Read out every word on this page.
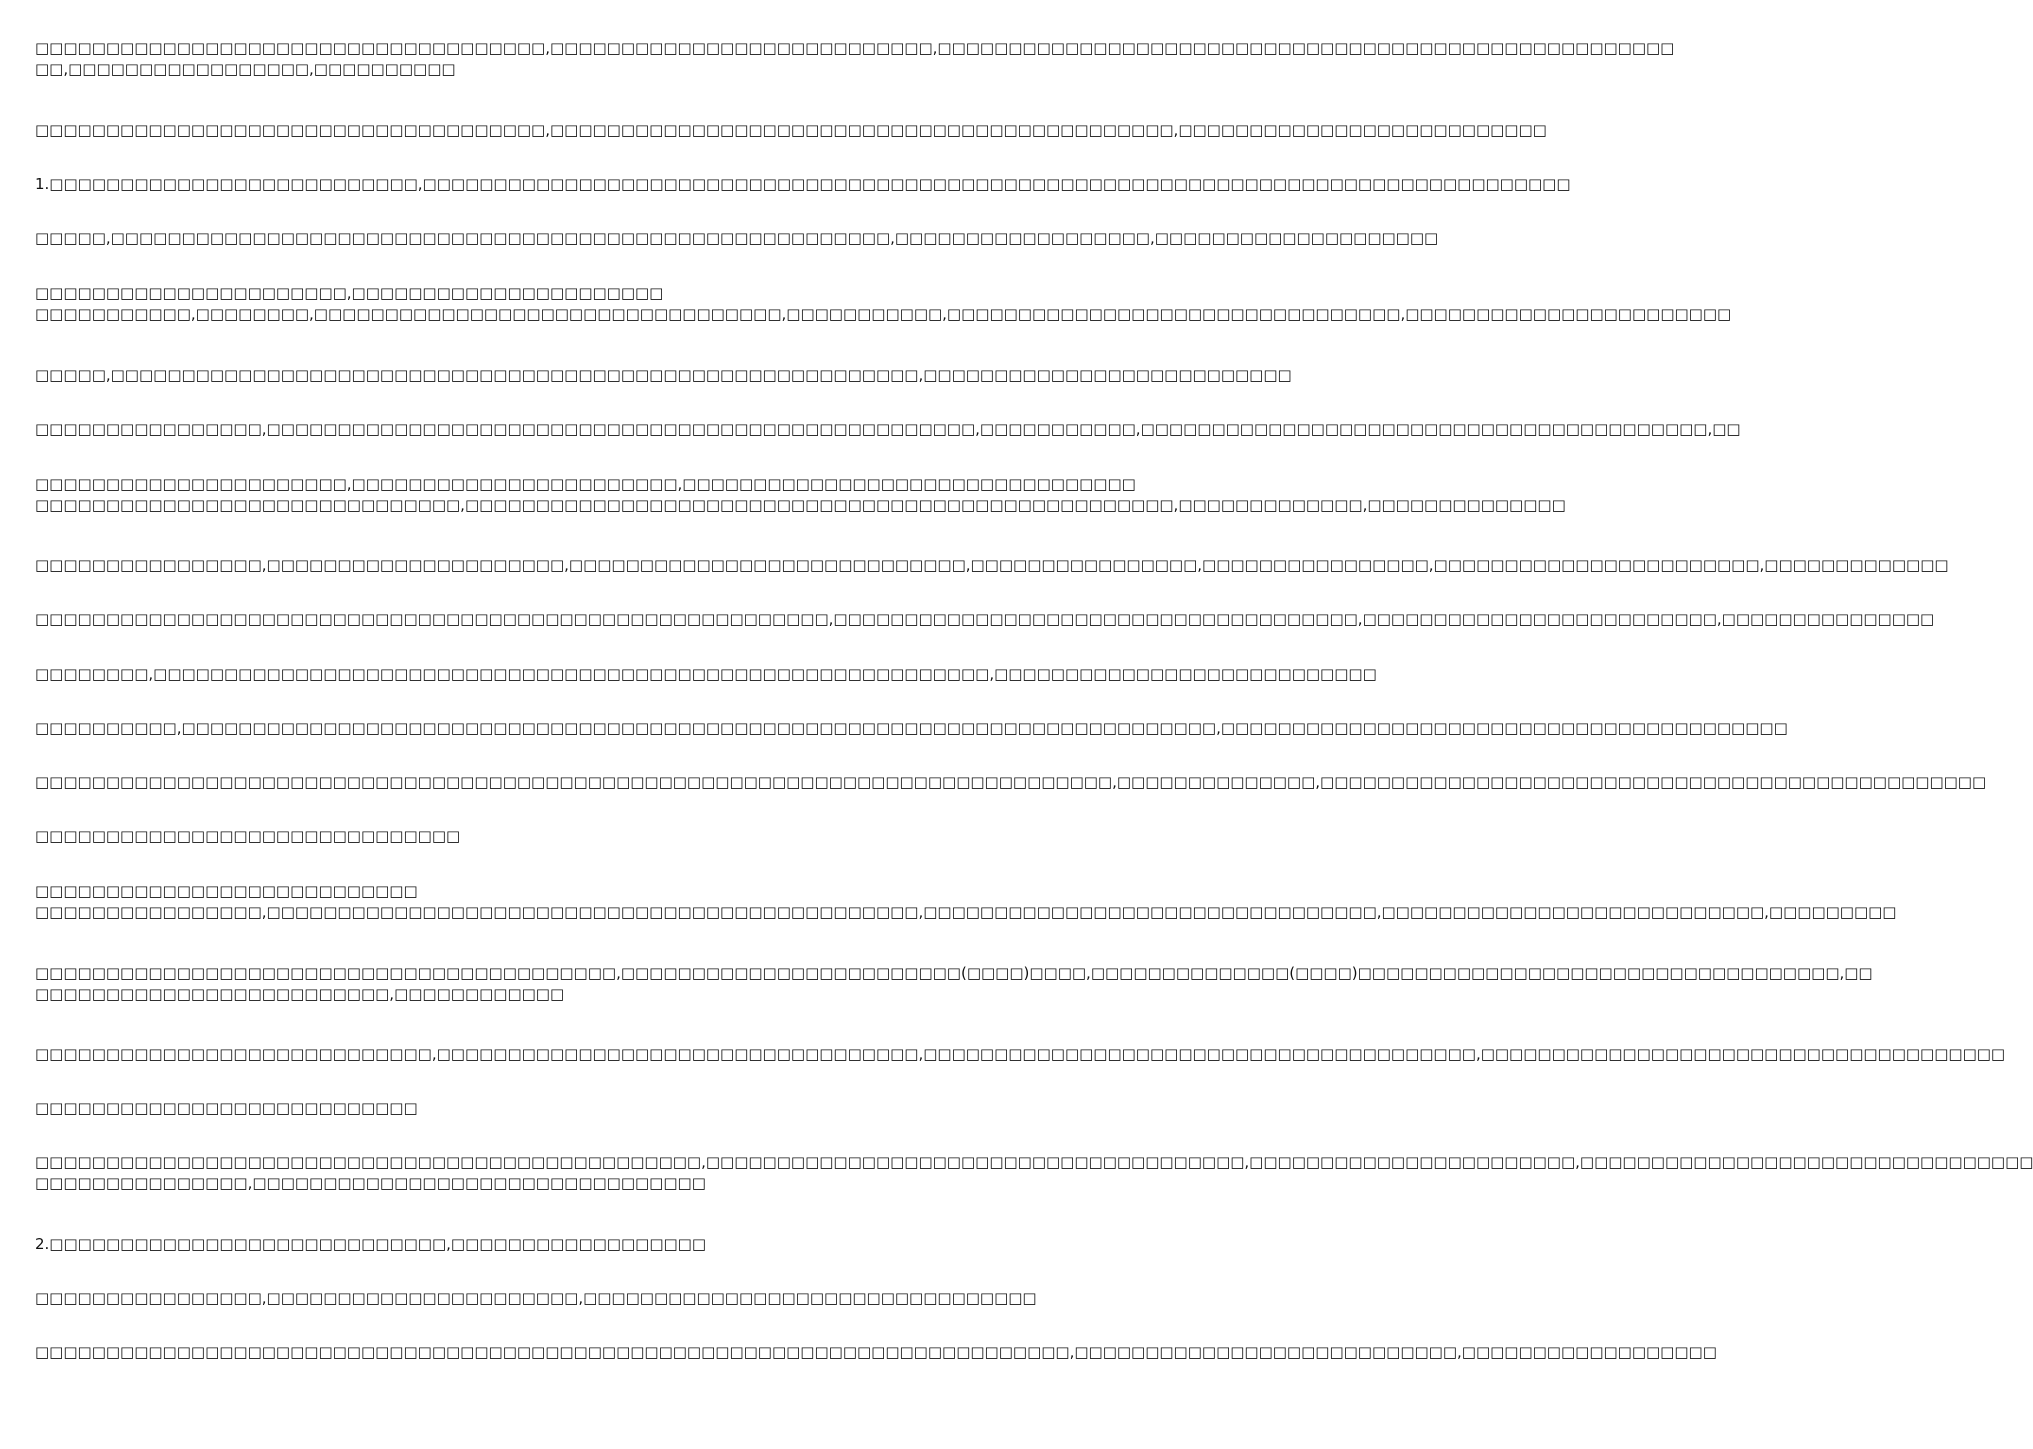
□□□□□□□□□□□□□□□□□□□□□□□□□□□□□□□□□□□□,□□□□□□□□□□□□□□□□□□□□□□□□□□□,□□□□□□□□□□□□□□□□□□□□□□□□□□□□□□□□□□□□□□□□□□□□□□□□□□□□
□□,□□□□□□□□□□□□□□□□□,□□□□□□□□□□
□□□□□□□□□□□□□□□□□□□□□□□□□□□□□□□□□□□□,□□□□□□□□□□□□□□□□□□□□□□□□□□□□□□□□□□□□□□□□□□□□,□□□□□□□□□□□□□□□□□□□□□□□□□□
1.□□□□□□□□□□□□□□□□□□□□□□□□□□,□□□□□□□□□□□□□□□□□□□□□□□□□□□□□□□□□□□□□□□□□□□□□□□□□□□□□□□□□□□□□□□□□□□□□□□□□□□□□□□□□
□□□□□,□□□□□□□□□□□□□□□□□□□□□□□□□□□□□□□□□□□□□□□□□□□□□□□□□□□□□□□,□□□□□□□□□□□□□□□□□□,□□□□□□□□□□□□□□□□□□□□
□□□□□□□□□□□□□□□□□□□□□□,□□□□□□□□□□□□□□□□□□□□□□
□□□□□□□□□□□,□□□□□□□□,□□□□□□□□□□□□□□□□□□□□□□□□□□□□□□□□□,□□□□□□□□□□□,□□□□□□□□□□□□□□□□□□□□□□□□□□□□□□□□,□□□□□□□□□□□□□□□□□□□□□□□
□□□□□,□□□□□□□□□□□□□□□□□□□□□□□□□□□□□□□□□□□□□□□□□□□□□□□□□□□□□□□□□,□□□□□□□□□□□□□□□□□□□□□□□□□□
□□□□□□□□□□□□□□□□,□□□□□□□□□□□□□□□□□□□□□□□□□□□□□□□□□□□□□□□□□□□□□□□□□□,□□□□□□□□□□□,□□□□□□□□□□□□□□□□□□□□□□□□□□□□□□□□□□□□□□□□,□□
□□□□□□□□□□□□□□□□□□□□□□,□□□□□□□□□□□□□□□□□□□□□□□,□□□□□□□□□□□□□□□□□□□□□□□□□□□□□□□□
□□□□□□□□□□□□□□□□□□□□□□□□□□□□□□,□□□□□□□□□□□□□□□□□□□□□□□□□□□□□□□□□□□□□□□□□□□□□□□□□□,□□□□□□□□□□□□□,□□□□□□□□□□□□□□
□□□□□□□□□□□□□□□□,□□□□□□□□□□□□□□□□□□□□□,□□□□□□□□□□□□□□□□□□□□□□□□□□□□,□□□□□□□□□□□□□□□□,□□□□□□□□□□□□□□□□,□□□□□□□□□□□□□□□□□□□□□□□,□□□□□□□□□□□□□
□□□□□□□□□□□□□□□□□□□□□□□□□□□□□□□□□□□□□□□□□□□□□□□□□□□□□□□□,□□□□□□□□□□□□□□□□□□□□□□□□□□□□□□□□□□□□□,□□□□□□□□□□□□□□□□□□□□□□□□□,□□□□□□□□□□□□□□□
□□□□□□□□,□□□□□□□□□□□□□□□□□□□□□□□□□□□□□□□□□□□□□□□□□□□□□□□□□□□□□□□□□□□,□□□□□□□□□□□□□□□□□□□□□□□□□□□
□□□□□□□□□□,□□□□□□□□□□□□□□□□□□□□□□□□□□□□□□□□□□□□□□□□□□□□□□□□□□□□□□□□□□□□□□□□□□□□□□□□□,□□□□□□□□□□□□□□□□□□□□□□□□□□□□□□□□□□□□□□□□
□□□□□□□□□□□□□□□□□□□□□□□□□□□□□□□□□□□□□□□□□□□□□□□□□□□□□□□□□□□□□□□□□□□□□□□□□□□□,□□□□□□□□□□□□□□,□□□□□□□□□□□□□□□□□□□□□□□□□□□□□□□□□□□□□□□□□□□□□□□
□□□□□□□□□□□□□□□□□□□□□□□□□□□□□□
□□□□□□□□□□□□□□□□□□□□□□□□□□□
□□□□□□□□□□□□□□□□,□□□□□□□□□□□□□□□□□□□□□□□□□□□□□□□□□□□□□□□□□□□□□□,□□□□□□□□□□□□□□□□□□□□□□□□□□□□□□□□,□□□□□□□□□□□□□□□□□□□□□□□□□□□,□□□□□□□□□
□□□□□□□□□□□□□□□□□□□□□□□□□□□□□□□□□□□□□□□□□,□□□□□□□□□□□□□□□□□□□□□□□□(□□□□)□□□□,□□□□□□□□□□□□□□(□□□□)□□□□□□□□□□□□□□□□□□□□□□□□□□□□□□□□□□,□□
□□□□□□□□□□□□□□□□□□□□□□□□□,□□□□□□□□□□□□
□□□□□□□□□□□□□□□□□□□□□□□□□□□□,□□□□□□□□□□□□□□□□□□□□□□□□□□□□□□□□□□,□□□□□□□□□□□□□□□□□□□□□□□□□□□□□□□□□□□□□□□,□□□□□□□□□□□□□□□□□□□□□□□□□□□□□□□□□□□□□
□□□□□□□□□□□□□□□□□□□□□□□□□□□
□□□□□□□□□□□□□□□□□□□□□□□□□□□□□□□□□□□□□□□□□□□□□□□,□□□□□□□□□□□□□□□□□□□□□□□□□□□□□□□□□□□□□□,□□□□□□□□□□□□□□□□□□□□□□□,□□□□□□□□□□□□□□□□□□□□□□□□□□□□□□□□
□□□□□□□□□□□□□□□,□□□□□□□□□□□□□□□□□□□□□□□□□□□□□□□□
2.□□□□□□□□□□□□□□□□□□□□□□□□□□□□,□□□□□□□□□□□□□□□□□□
□□□□□□□□□□□□□□□□,□□□□□□□□□□□□□□□□□□□□□□,□□□□□□□□□□□□□□□□□□□□□□□□□□□□□□□□
□□□□□□□□□□□□□□□□□□□□□□□□□□□□□□□□□□□□□□□□□□□□□□□□□□□□□□□□□□□□□□□□□□□□□□□□□,□□□□□□□□□□□□□□□□□□□□□□□□□□□,□□□□□□□□□□□□□□□□□□
